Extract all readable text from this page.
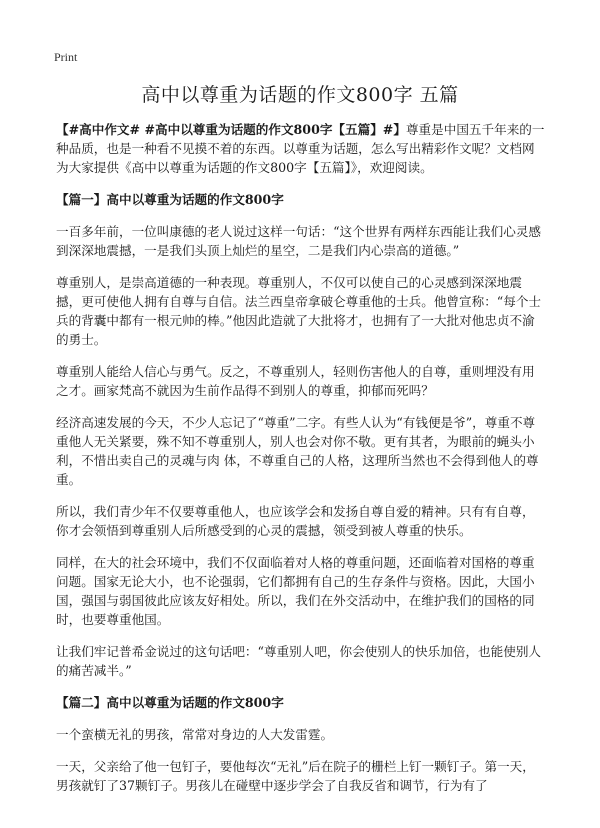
Print
高中以尊重为话题的作文800字 五篇

【#高中作文# #高中以尊重为话题的作文800字【五篇】#】尊重是中国五千年来的一种品质，也是一种看不见摸不着的东西。以尊重为话题，怎么写出精彩作文呢？文档网为大家提供《高中以尊重为话题的作文800字【五篇】》，欢迎阅读。

【篇一】高中以尊重为话题的作文800字

一百多年前，一位叫康德的老人说过这样一句话：“这个世界有两样东西能让我们心灵感到深深地震撼，一是我们头顶上灿烂的星空，二是我们内心崇高的道德。”

尊重别人，是崇高道德的一种表现。尊重别人，不仅可以使自己的心灵感到深深地震撼，更可使他人拥有自尊与自信。法兰西皇帝拿破仑尊重他的士兵。他曾宣称：“每个士兵的背囊中都有一根元帅的棒。”他因此造就了大批将才，也拥有了一大批对他忠贞不渝的勇士。

尊重别人能给人信心与勇气。反之，不尊重别人，轻则伤害他人的自尊，重则埋没有用之才。画家梵高不就因为生前作品得不到别人的尊重，抑郁而死吗？

经济高速发展的今天，不少人忘记了“尊重”二字。有些人认为“有钱便是爷”，尊重不尊重他人无关紧要，殊不知不尊重别人，别人也会对你不敬。更有其者，为眼前的蝇头小利，不惜出卖自己的灵魂与肉 体，不尊重自己的人格，这理所当然也不会得到他人的尊重。

所以，我们青少年不仅要尊重他人，也应该学会和发扬自尊自爱的精神。只有有自尊，你才会领悟到尊重别人后所感受到的心灵的震撼，领受到被人尊重的快乐。

同样，在大的社会环境中，我们不仅面临着对人格的尊重问题，还面临着对国格的尊重问题。国家无论大小，也不论强弱，它们都拥有自己的生存条件与资格。因此，大国小国，强国与弱国彼此应该友好相处。所以，我们在外交活动中，在维护我们的国格的同时，也要尊重他国。

让我们牢记普希金说过的这句话吧：“尊重别人吧，你会使别人的快乐加倍，也能使别人的痛苦减半。”

【篇二】高中以尊重为话题的作文800字

一个蛮横无礼的男孩，常常对身边的人大发雷霆。

一天，父亲给了他一包钉子，要他每次“无礼”后在院子的栅栏上钉一颗钉子。第一天，男孩就钉了37颗钉子。男孩儿在碰壁中逐步学会了自我反省和调节，行为有了
